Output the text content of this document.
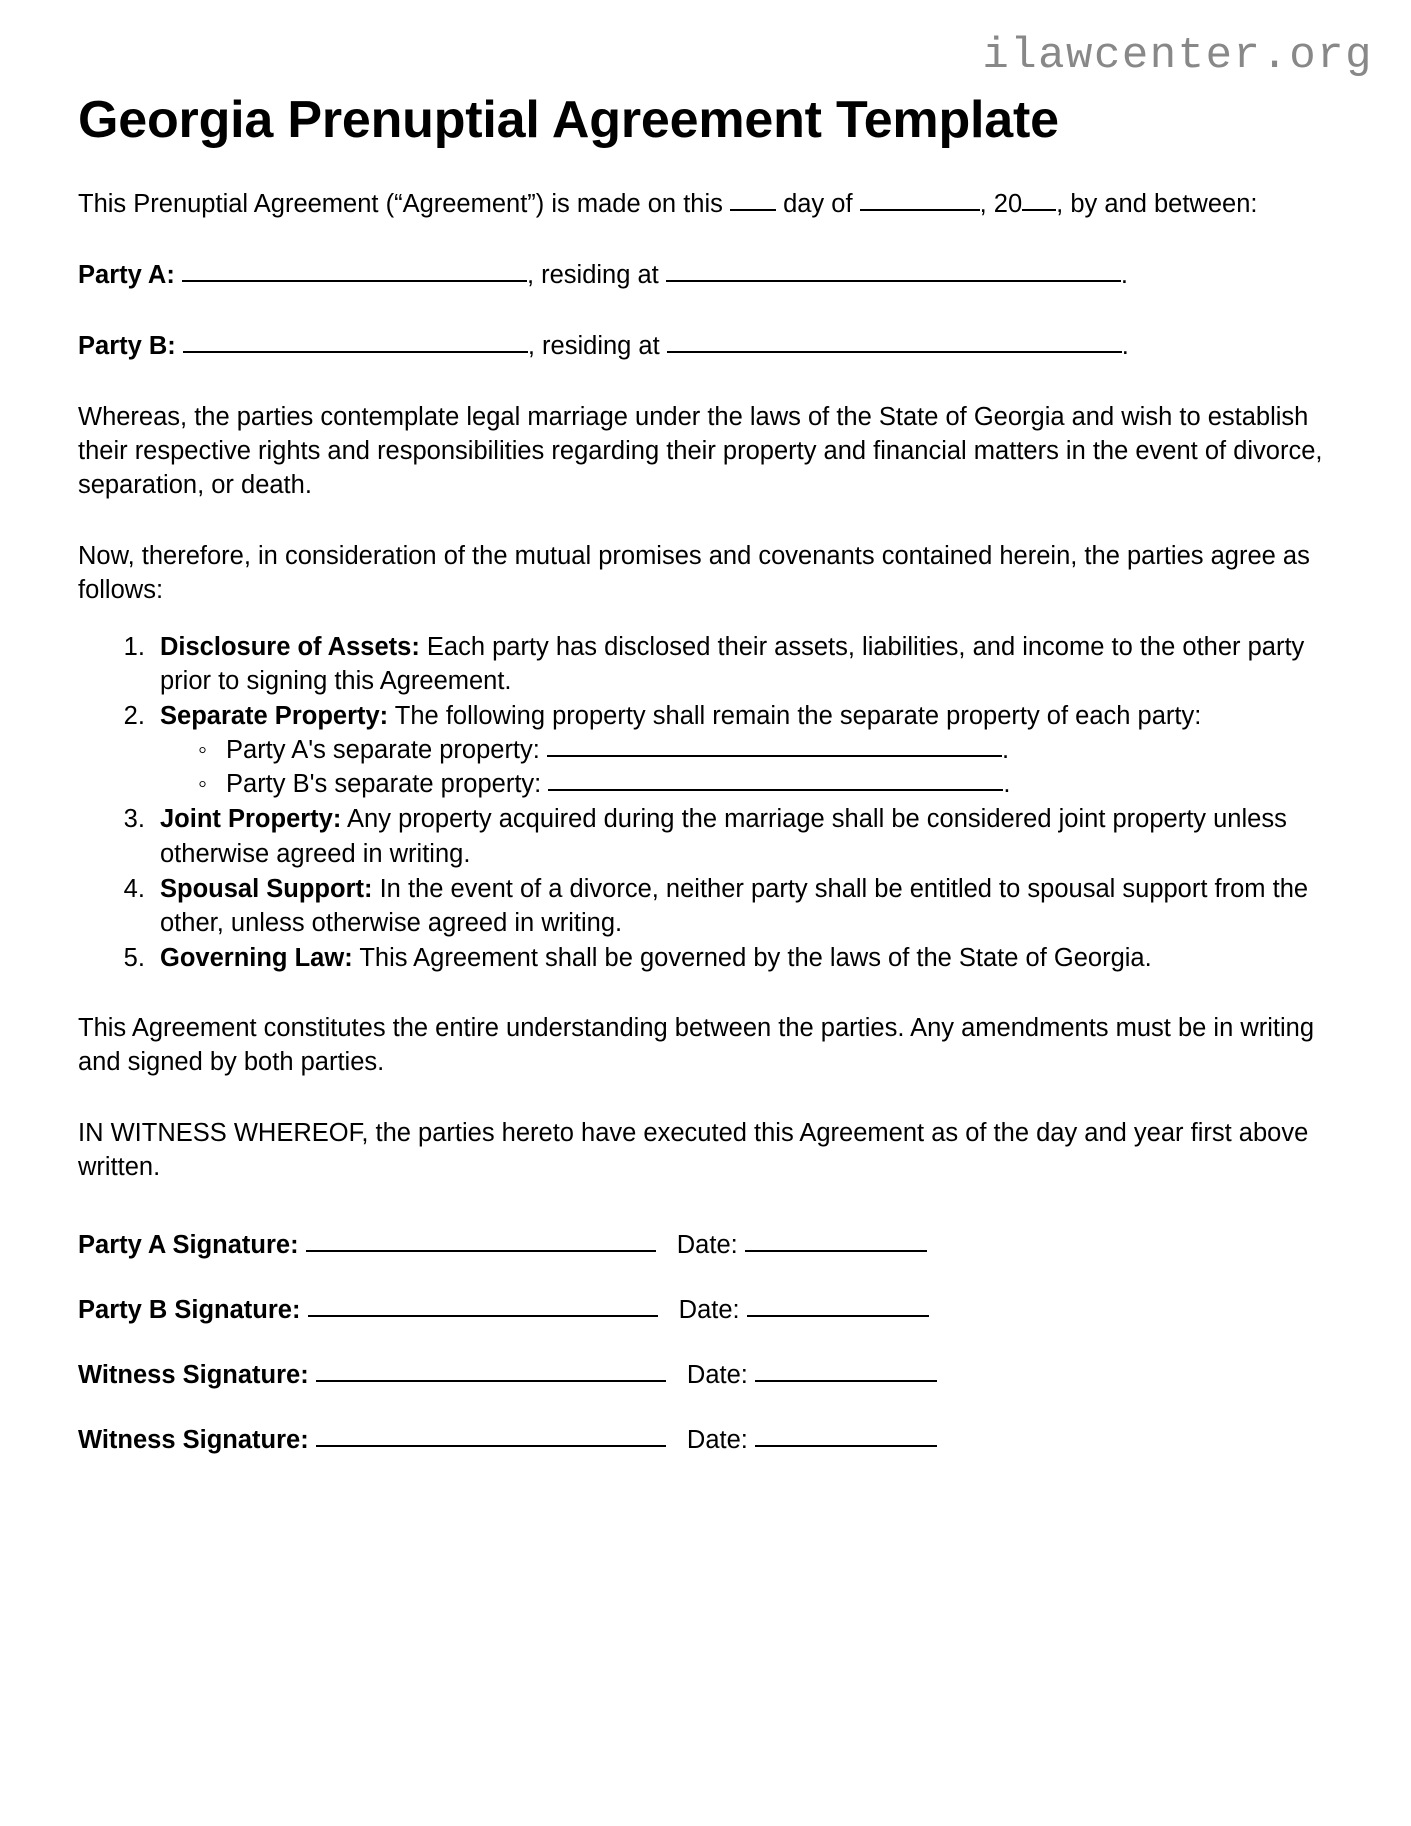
ilawcenter.org
Georgia Prenuptial Agreement Template

This Prenuptial Agreement (“Agreement”) is made on this day of	, 20 , by and between:

Party A:	, residing at	.

Party B:	, residing at	.

Whereas, the parties contemplate legal marriage under the laws of the State of Georgia and wish to establish their respective rights and responsibilities regarding their property and financial matters in the event of divorce, separation, or death.

Now, therefore, in consideration of the mutual promises and covenants contained herein, the parties agree as follows:

1. Disclosure of Assets: Each party has disclosed their assets, liabilities, and income to the other party prior to signing this Agreement.
2. Separate Property: The following property shall remain the separate property of each party:
◦ Party A's separate property:	.
◦ Party B's separate property:	.
3. Joint Property: Any property acquired during the marriage shall be considered joint property unless otherwise agreed in writing.
4. Spousal Support: In the event of a divorce, neither party shall be entitled to spousal support from the other, unless otherwise agreed in writing.
5. Governing Law: This Agreement shall be governed by the laws of the State of Georgia.

This Agreement constitutes the entire understanding between the parties. Any amendments must be in writing and signed by both parties.

IN WITNESS WHEREOF, the parties hereto have executed this Agreement as of the day and year first above written.

Party A Signature:	Date:
Party B Signature:	Date:
Witness Signature:	Date:
Witness Signature:	Date:
